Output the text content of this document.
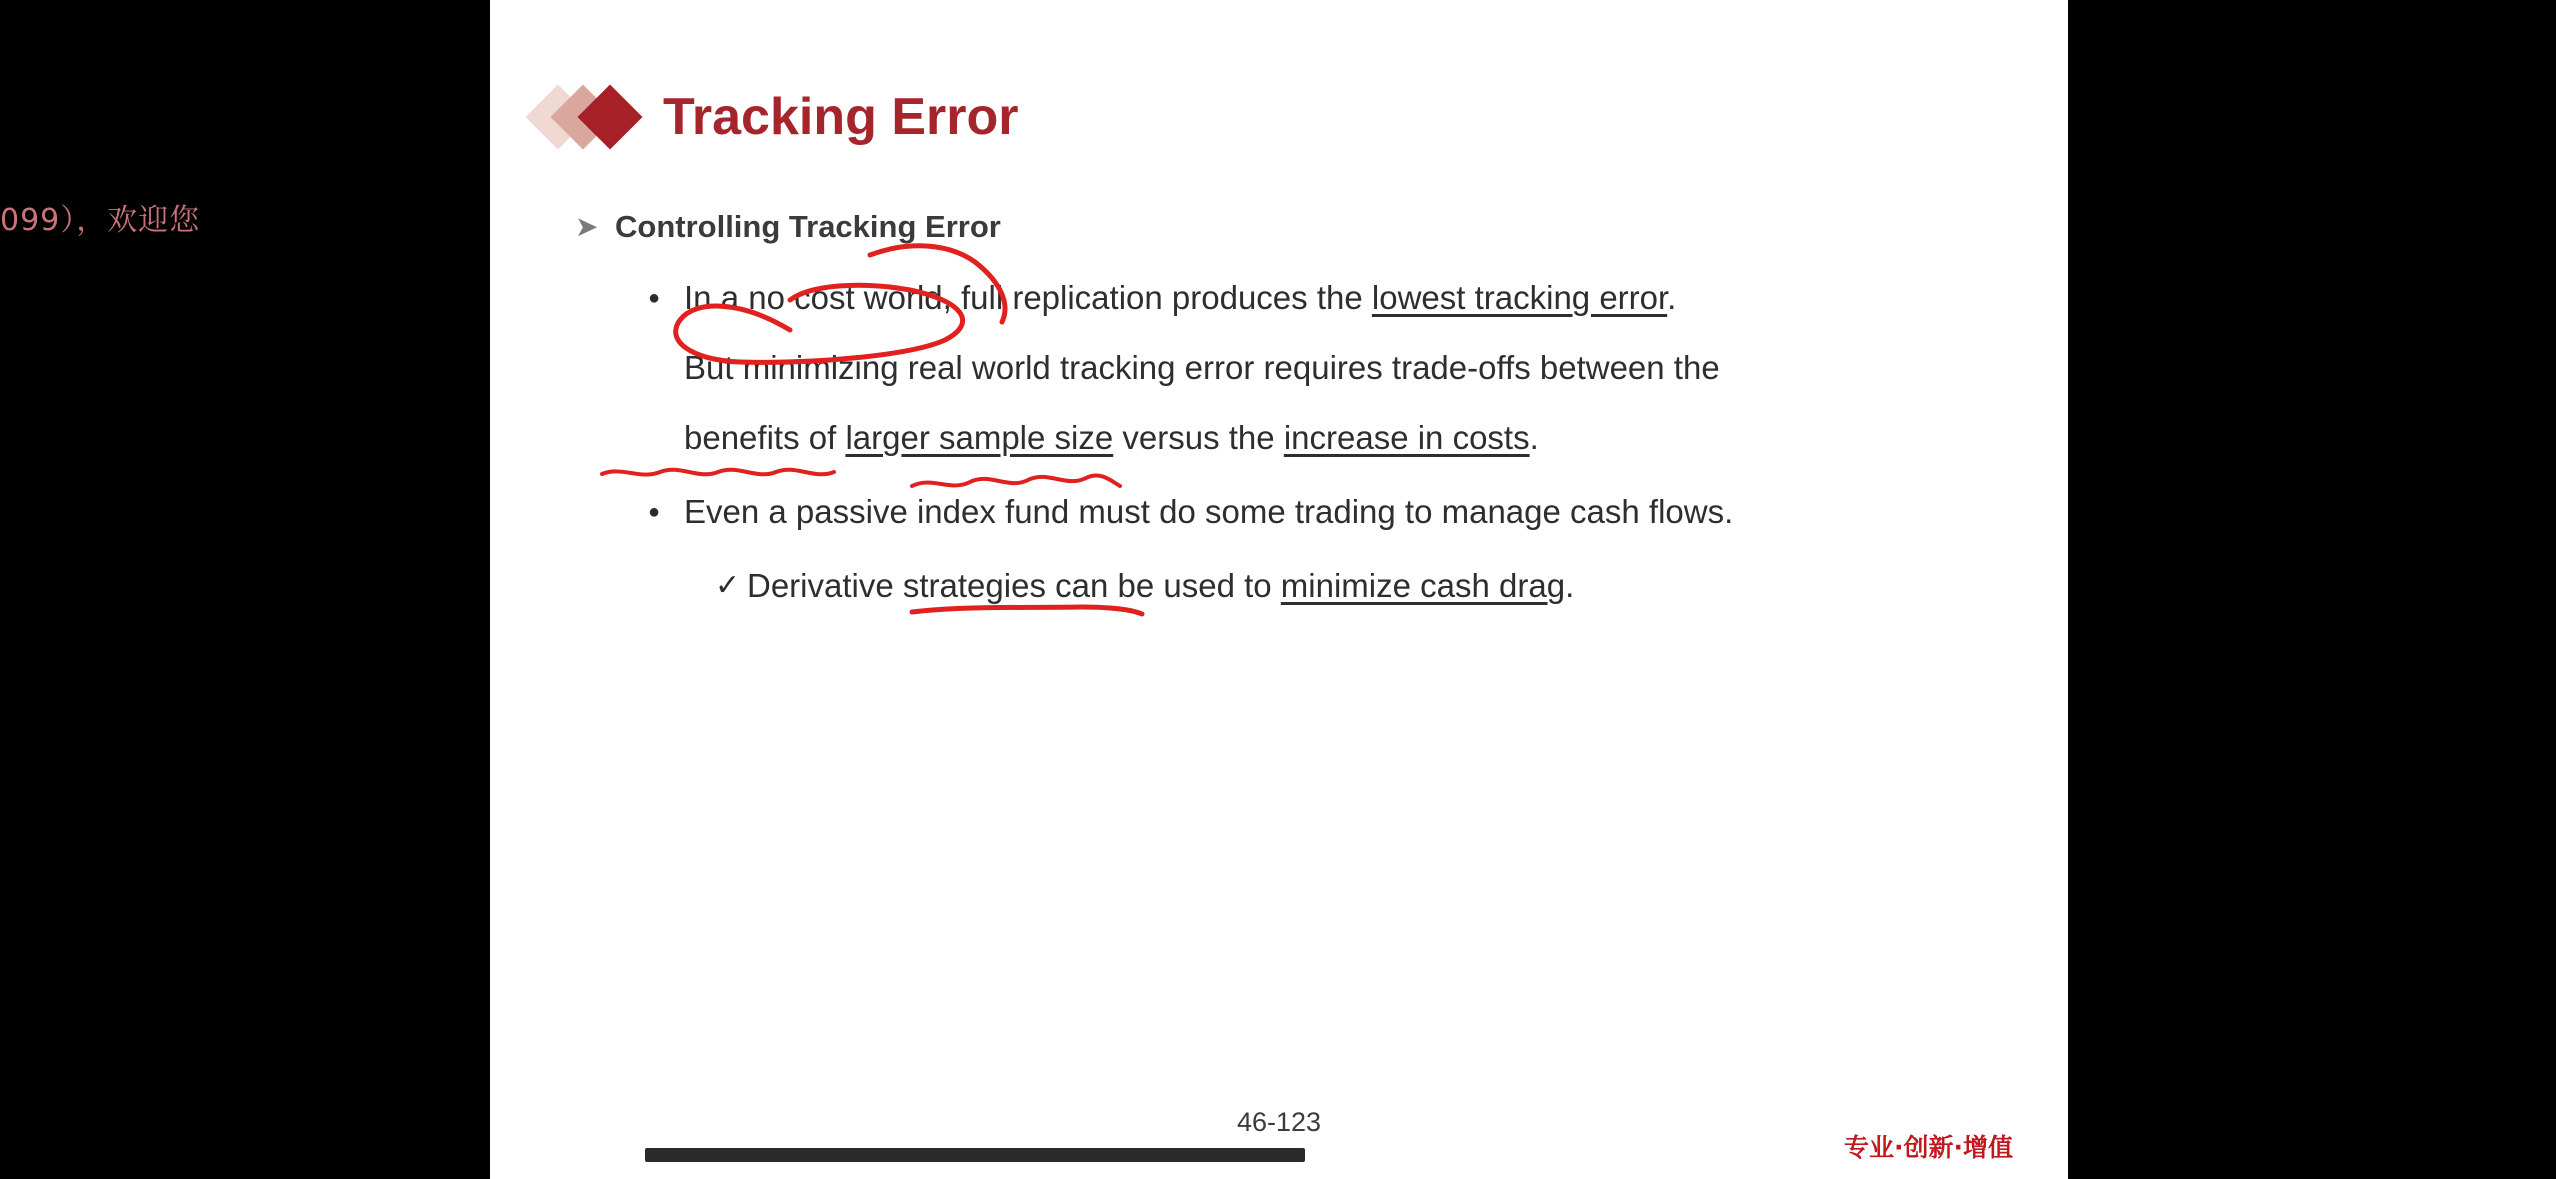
099），欢迎您
Tracking Error
➤ Controlling Tracking Error
● In a no cost world, full replication produces the lowest tracking error.
But minimizing real world tracking error requires trade-offs between the
benefits of larger sample size versus the increase in costs.
● Even a passive index fund must do some trading to manage cash flows.
✓ Derivative strategies can be used to minimize cash drag.
46-123
专业·创新·增值
